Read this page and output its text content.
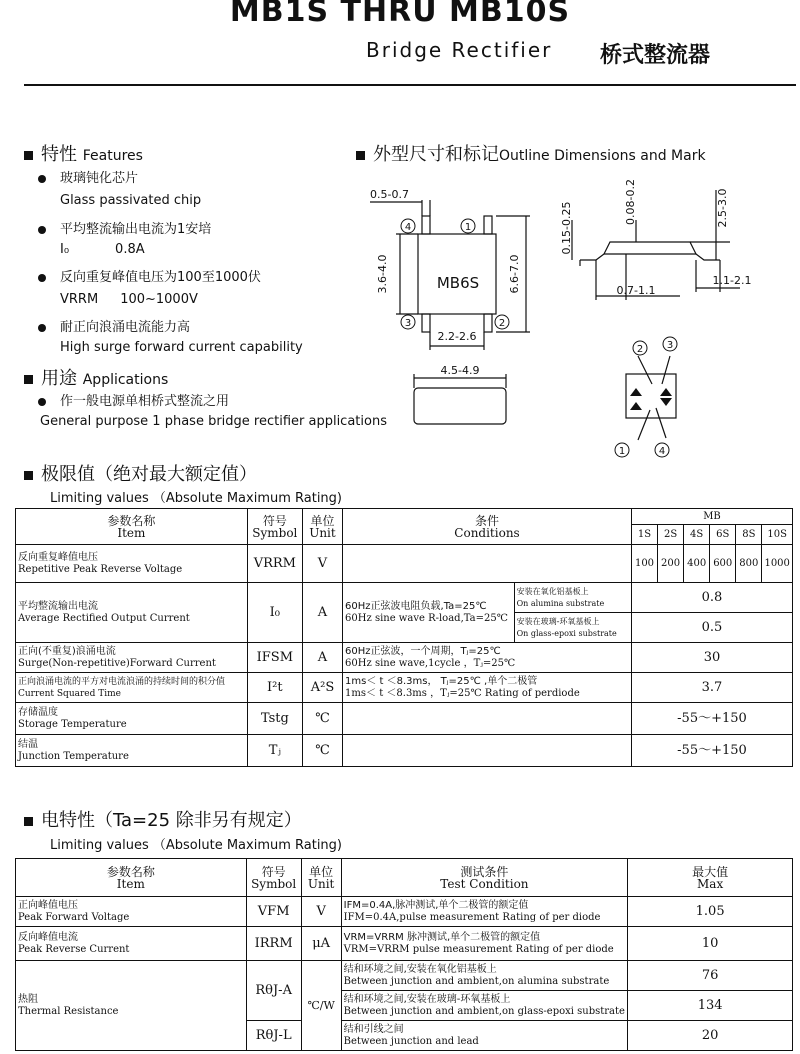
MB1S THRU MB10S
Bridge Rectifier 桥式整流器
特性 Features
玻璃钝化芯片
Glass passivated chip
平均整流输出电流为1安培
I₀	0.8A
反向重复峰值电压为100至1000伏
VRRM 100~1000V
耐正向浪涌电流能力高
High surge forward current capability
用途 Applications
作一般电源单相桥式整流之用
General purpose 1 phase bridge rectifier applications
外型尺寸和标记Outline Dimensions and Mark
4	1
3	2
2 3
1	4
0.5-0.7
MB6S
3.6-4.0	6.6-7.0
2.2-2.6
4.5-4.9
0.15-0.25	0.08-0.2	2.5-3.0
0.7-1.1
1.1-2.1
极限值（绝对最大额定值）
Limiting values （Absolute Maximum Rating)
参数名称
Item	符号
Symbol	单位
Unit	条件
Conditions		MB					
					1S	2S	4S	6S	8S	10S
反向重复峰值电压
Repetitive Peak Reverse Voltage	VRRM	V			100	200	400	600	800	1000
平均整流输出电流
Average Rectified Output Current	I₀	A	60Hz正弦波电阻负载,Ta=25℃
60Hz sine wave R-load,Ta=25℃	安装在氧化铝基板上
On alumina substrate	0.8					
				安装在玻璃-环氧基板上
On glass-epoxi substrate	0.5					
正向(不重复)浪涌电流
Surge(Non-repetitive)Forward Current	IFSM	A	60Hz正弦波，一个周期，Tⱼ=25℃
60Hz sine wave,1cycle ，Tⱼ=25℃		30					
正向浪涌电流的平方对电流浪涌的持续时间的积分值
Current Squared Time	I²t	A²S	1ms＜ t ＜8.3ms， Tⱼ=25℃ ,单个二极管
1ms＜ t ＜8.3ms ，Tⱼ=25℃ Rating of perdiode		3.7					
存储温度
Storage Temperature	Tstg	℃			-55～+150					
结温
Junction Temperature	Tⱼ	℃			-55～+150					
电特性（Ta=25 除非另有规定）
Limiting values （Absolute Maximum Rating)
参数名称
Item	符号
Symbol	单位
Unit	测试条件
Test Condition	最大值
Max
正向峰值电压
Peak Forward Voltage	VFM	V	IFM=0.4A,脉冲测试,单个二极管的额定值
IFM=0.4A,pulse measurement Rating of per diode	1.05
反向峰值电流
Peak Reverse Current	IRRM	μA	VRM=VRRM 脉冲测试,单个二极管的额定值
VRM=VRRM pulse measurement Rating of per diode	10
热阻
Thermal Resistance	RθJ-A	℃/W	结和环境之间,安装在氧化铝基板上
Between junction and ambient,on alumina substrate	76
			结和环境之间,安装在玻璃-环氧基板上
Between junction and ambient,on glass-epoxi substrate	134
	RθJ-L		结和引线之间
Between junction and lead	20
